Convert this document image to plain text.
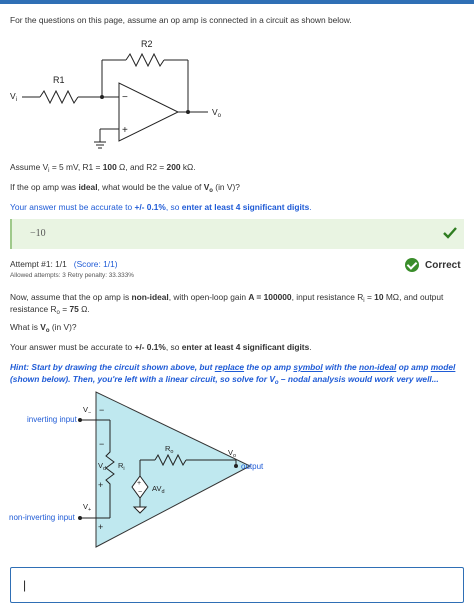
For the questions on this page, assume an op amp is connected in a circuit as shown below.
R2
R1
$V_i$
$V_o$
−
+
Assume $V_i = 5$ mV, R1 = 100 Ω, and R2 = 200 kΩ.
If the op amp was ideal, what would be the value of $V_o$ (in V)?
Your answer must be accurate to +/- 0.1%, so enter at least 4 significant digits.
−10
Attempt #1: 1/1 (Score: 1/1)
Allowed attempts: 3 Retry penalty: 33.333%
Correct
Now, assume that the op amp is non-ideal, with open-loop gain A = 100000, input resistance $R_i = 10$ MΩ, and output
resistance $R_o = 75$ Ω.
What is $V_o$ (in V)?
Your answer must be accurate to +/- 0.1%, so enter at least 4 significant digits.
Hint: Start by drawing the circuit shown above, but replace the op amp symbol with the non-ideal op amp model
(shown below). Then, you're left with a linear circuit, so solve for $V_o$ – nodal analysis would work very well...
inverting input
non-inverting input
$V_-$
$V_+$
−
−
+
+
$V_d$ $R_i$
$R_o$
+
− $AV_d$
$V_o$
output
|
